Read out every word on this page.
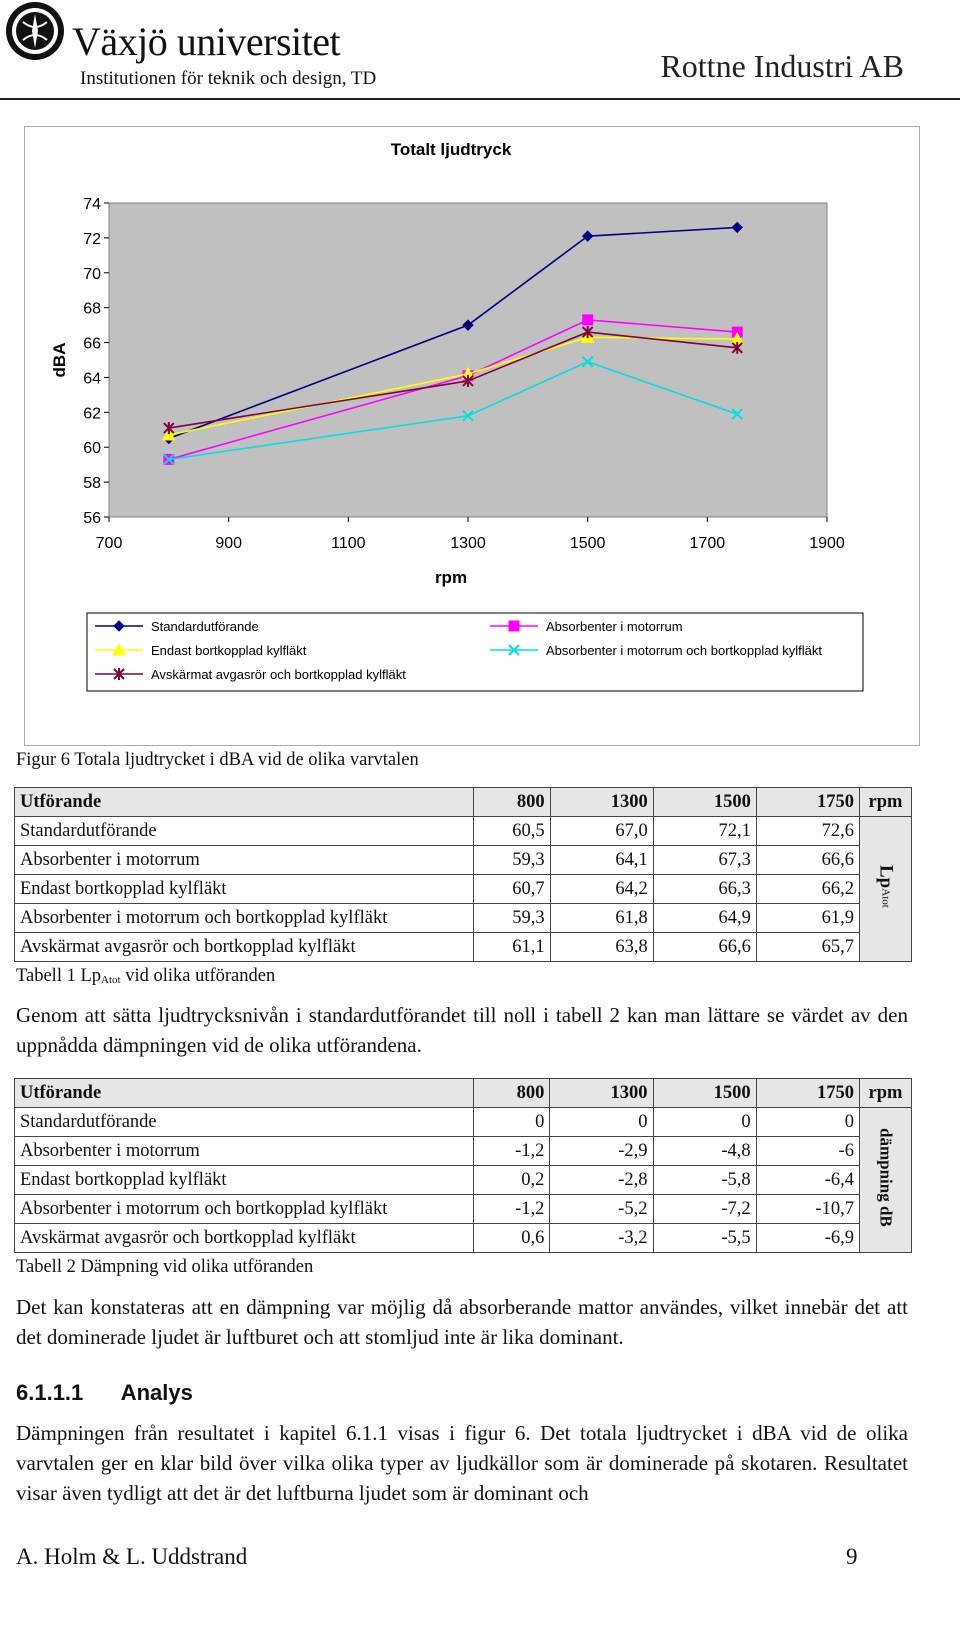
Växjö universitet
Institutionen för teknik och design, TD	Rottne Industri AB
Totalt ljudtryck
56
58
60
62
64
66
68
70
72
74
700	900	1100	1300	1500	1700	1900
rpm
dBA
Standardutförande	Absorbenter i motorrum
Endast bortkopplad kylfläkt	Absorbenter i motorrum och bortkopplad kylfläkt
Avskärmat avgasrör och bortkopplad kylfläkt
Figur 6 Totala ljudtrycket i dBA vid de olika varvtalen
Utförande	800	1300	1500	1750	rpm
Standardutförande	60,5	67,0	72,1	72,6	LpAtot
Absorbenter i motorrum	59,3	64,1	67,3	66,6	
Endast bortkopplad kylfläkt	60,7	64,2	66,3	66,2	
Absorbenter i motorrum och bortkopplad kylfläkt	59,3	61,8	64,9	61,9	
Avskärmat avgasrör och bortkopplad kylfläkt	61,1	63,8	66,6	65,7	
Tabell 1 $Lp_{Atot}$ vid olika utföranden
Genom att sätta ljudtrycksnivån i standardutförandet till noll i tabell 2 kan man lättare se värdet av den uppnådda dämpningen vid de olika utförandena.
Utförande	800	1300	1500	1750	rpm
Standardutförande	0	0	0	0	dämpning dB
Absorbenter i motorrum	-1,2	-2,9	-4,8	-6	
Endast bortkopplad kylfläkt	0,2	-2,8	-5,8	-6,4	
Absorbenter i motorrum och bortkopplad kylfläkt	-1,2	-5,2	-7,2	-10,7	
Avskärmat avgasrör och bortkopplad kylfläkt	0,6	-3,2	-5,5	-6,9	
Tabell 2 Dämpning vid olika utföranden
Det kan konstateras att en dämpning var möjlig då absorberande mattor användes, vilket innebär det att det dominerade ljudet är luftburet och att stomljud inte är lika dominant.
6.1.1.1 Analys
Dämpningen från resultatet i kapitel 6.1.1 visas i figur 6. Det totala ljudtrycket i dBA vid de olika varvtalen ger en klar bild över vilka olika typer av ljudkällor som är dominerade på skotaren. Resultatet visar även tydligt att det är det luftburna ljudet som är dominant och
A. Holm & L. Uddstrand	9
